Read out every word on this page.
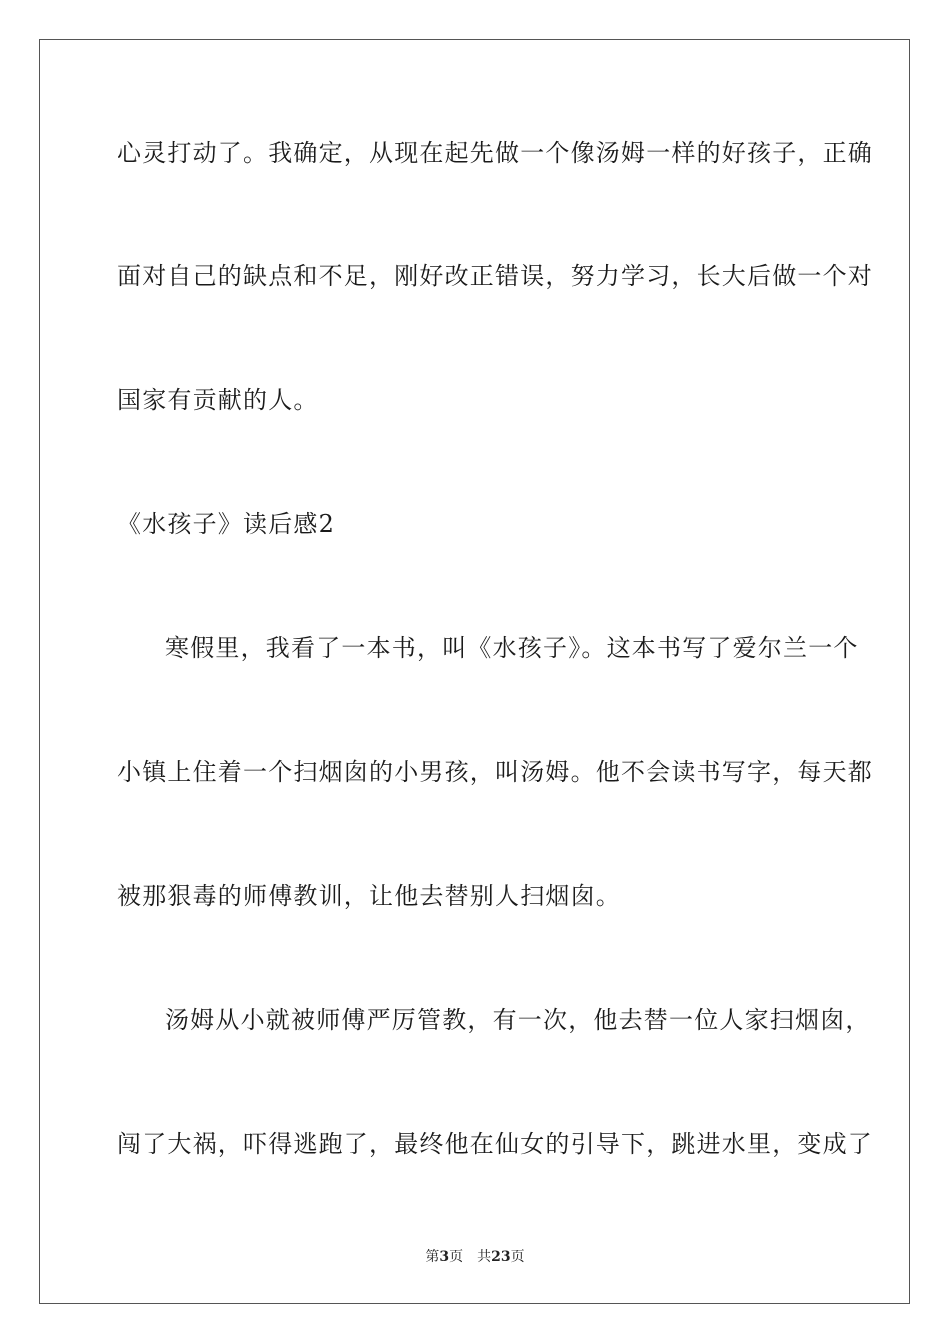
心灵打动了。我确定，从现在起先做一个像汤姆一样的好孩子，正确
面对自己的缺点和不足，刚好改正错误，努力学习，长大后做一个对
国家有贡献的人。
《水孩子》读后感2
寒假里，我看了一本书，叫《水孩子》。这本书写了爱尔兰一个
小镇上住着一个扫烟囱的小男孩，叫汤姆。他不会读书写字，每天都
被那狠毒的师傅教训，让他去替别人扫烟囱。
汤姆从小就被师傅严厉管教，有一次，他去替一位人家扫烟囱，
闯了大祸，吓得逃跑了，最终他在仙女的引导下，跳进水里，变成了
第3页 共23页
